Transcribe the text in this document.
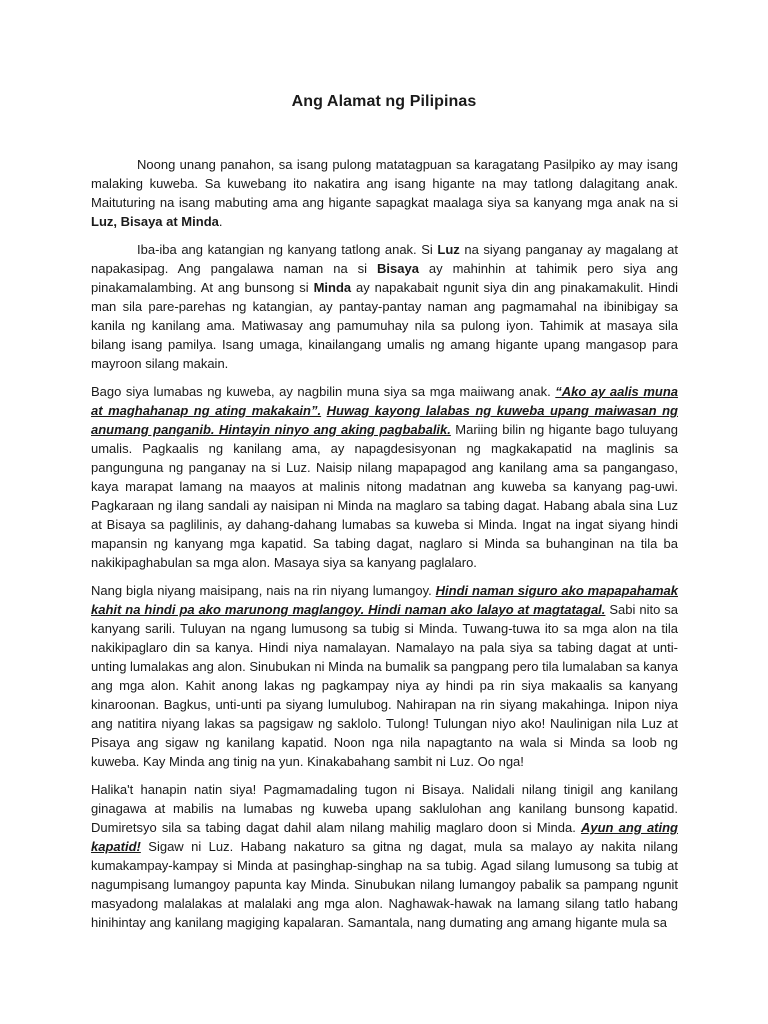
Ang Alamat ng Pilipinas

Noong unang panahon, sa isang pulong matatagpuan sa karagatang Pasilpiko ay may isang malaking kuweba. Sa kuwebang ito nakatira ang isang higante na may tatlong dalagitang anak. Maituturing na isang mabuting ama ang higante sapagkat maalaga siya sa kanyang mga anak na si Luz, Bisaya at Minda.

Iba-iba ang katangian ng kanyang tatlong anak. Si Luz na siyang panganay ay magalang at napakasipag. Ang pangalawa naman na si Bisaya ay mahinhin at tahimik pero siya ang pinakamalambing. At ang bunsong si Minda ay napakabait ngunit siya din ang pinakamakulit. Hindi man sila pare-parehas ng katangian, ay pantay-pantay naman ang pagmamahal na ibinibigay sa kanila ng kanilang ama. Matiwasay ang pamumuhay nila sa pulong iyon. Tahimik at masaya sila bilang isang pamilya. Isang umaga, kinailangang umalis ng amang higante upang mangasop para mayroon silang makain.

Bago siya lumabas ng kuweba, ay nagbilin muna siya sa mga maiiwang anak. “Ako ay aalis muna at maghahanap ng ating makakain”. Huwag kayong lalabas ng kuweba upang maiwasan ng anumang panganib. Hintayin ninyo ang aking pagbabalik. Mariing bilin ng higante bago tuluyang umalis. Pagkaalis ng kanilang ama, ay napagdesisyonan ng magkakapatid na maglinis sa pangunguna ng panganay na si Luz. Naisip nilang mapapagod ang kanilang ama sa pangangaso, kaya marapat lamang na maayos at malinis nitong madatnan ang kuweba sa kanyang pag-uwi. Pagkaraan ng ilang sandali ay naisipan ni Minda na maglaro sa tabing dagat. Habang abala sina Luz at Bisaya sa paglilinis, ay dahang-dahang lumabas sa kuweba si Minda. Ingat na ingat siyang hindi mapansin ng kanyang mga kapatid. Sa tabing dagat, naglaro si Minda sa buhanginan na tila ba nakikipaghabulan sa mga alon. Masaya siya sa kanyang paglalaro.

Nang bigla niyang maisipang, nais na rin niyang lumangoy. Hindi naman siguro ako mapapahamak kahit na hindi pa ako marunong maglangoy. Hindi naman ako lalayo at magtatagal. Sabi nito sa kanyang sarili. Tuluyan na ngang lumusong sa tubig si Minda. Tuwang-tuwa ito sa mga alon na tila nakikipaglaro din sa kanya. Hindi niya namalayan. Namalayo na pala siya sa tabing dagat at unti-unting lumalakas ang alon. Sinubukan ni Minda na bumalik sa pangpang pero tila lumalaban sa kanya ang mga alon. Kahit anong lakas ng pagkampay niya ay hindi pa rin siya makaalis sa kanyang kinaroonan. Bagkus, unti-unti pa siyang lumulubog. Nahirapan na rin siyang makahinga. Inipon niya ang natitira niyang lakas sa pagsigaw ng saklolo. Tulong! Tulungan niyo ako! Naulinigan nila Luz at Pisaya ang sigaw ng kanilang kapatid. Noon nga nila napagtanto na wala si Minda sa loob ng kuweba. Kay Minda ang tinig na yun. Kinakabahang sambit ni Luz. Oo nga!

Halika't hanapin natin siya! Pagmamadaling tugon ni Bisaya. Nalidali nilang tinigil ang kanilang ginagawa at mabilis na lumabas ng kuweba upang saklulohan ang kanilang bunsong kapatid. Dumiretsyo sila sa tabing dagat dahil alam nilang mahilig maglaro doon si Minda. Ayun ang ating kapatid! Sigaw ni Luz. Habang nakaturo sa gitna ng dagat, mula sa malayo ay nakita nilang kumakampay-kampay si Minda at pasinghap-singhap na sa tubig. Agad silang lumusong sa tubig at nagumpisang lumangoy papunta kay Minda. Sinubukan nilang lumangoy pabalik sa pampang ngunit masyadong malalakas at malalaki ang mga alon. Naghawak-hawak na lamang silang tatlo habang hinihintay ang kanilang magiging kapalaran. Samantala, nang dumating ang amang higante mula sa
